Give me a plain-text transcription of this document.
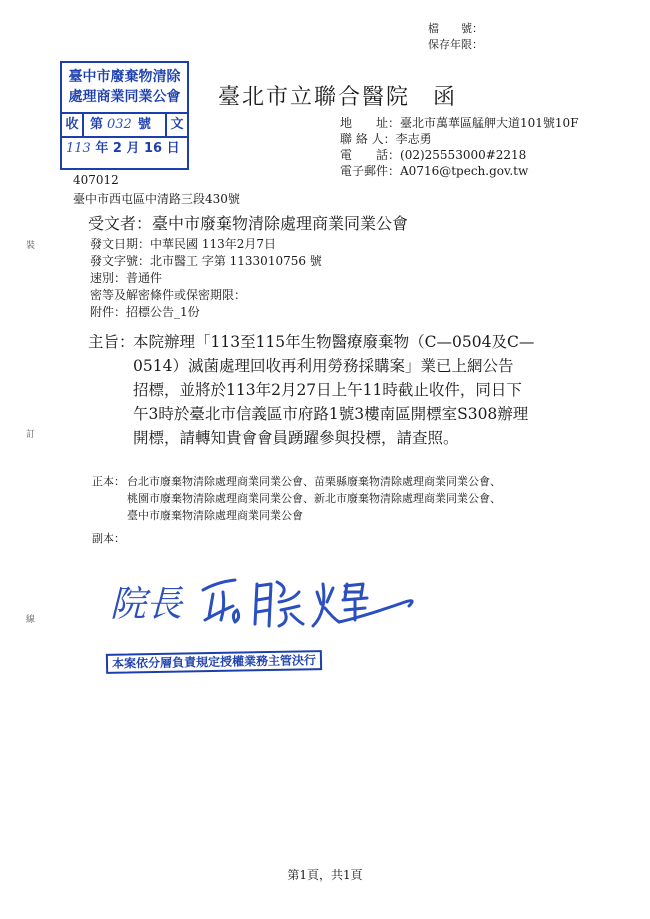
檔　　號：
保存年限：
臺中市廢棄物清除
處理商業同業公會
收 第 032 號	文
113 年 2 月 16 日
臺北市立聯合醫院 函
地　　址：臺北市萬華區艋舺大道101號10F
聯 絡 人：李志勇
電　　話：(02)25553000#2218
電子郵件：A0716@tpech.gov.tw
407012
臺中市西屯區中清路三段430號
受文者：臺中市廢棄物清除處理商業同業公會
發文日期：中華民國 113年2月7日
發文字號：北市醫工 字第 1133010756 號
速別：普通件
密等及解密條件或保密期限：
附件：招標公告_1份
主旨：
本院辦理「113至115年生物醫療廢棄物（C—0504及C—
0514）滅菌處理回收再利用勞務採購案」業已上網公告
招標，並將於113年2月27日上午11時截止收件，同日下
午3時於臺北市信義區市府路1號3樓南區開標室S308辦理
開標，請轉知貴會會員踴躍參與投標，請查照。
正本： 台北市廢棄物清除處理商業同業公會、苗栗縣廢棄物清除處理商業同業公會、
桃園市廢棄物清除處理商業同業公會、新北市廢棄物清除處理商業同業公會、
臺中市廢棄物清除處理商業同業公會
副本：
裝
訂
線 院長
本案依分層負責規定授權業務主管決行
第1頁，共1頁
